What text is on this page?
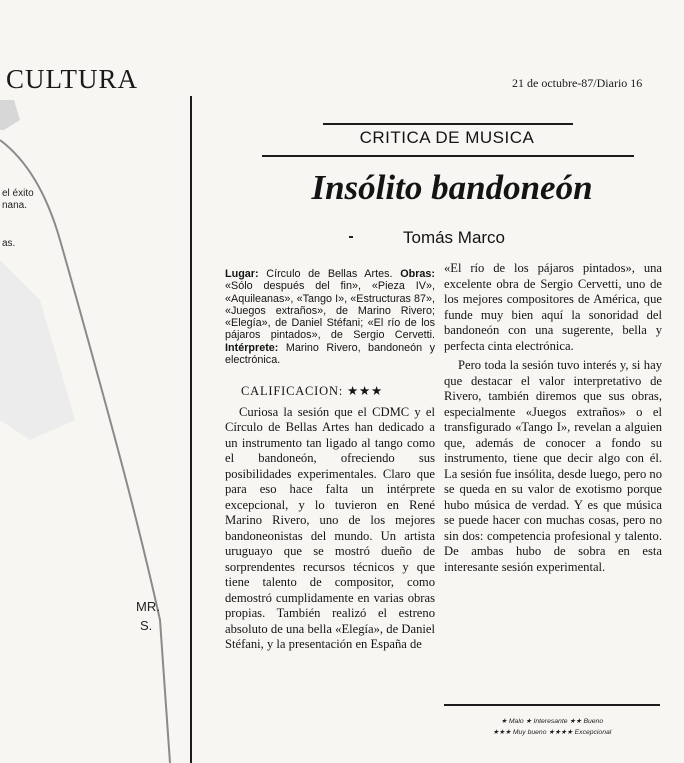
CULTURA
el éxito
nana.
as.
MR.
S.
21 de octubre-87/Diario 16
CRITICA DE MUSICA
Insólito bandoneón
Tomás Marco
Lugar: Círculo de Bellas Artes. Obras: «Sólo después del fin», «Pieza IV», «Aquileanas», «Tango I», «Estructuras 87», «Juegos extraños», de Marino Rivero; «Elegía», de Daniel Stéfani; «El río de los pájaros pintados», de Sergio Cervetti. Intérprete: Marino Rivero, bandoneón y electrónica.
CALIFICACION: ★★★

Curiosa la sesión que el CDMC y el Círculo de Bellas Artes han dedicado a un instrumento tan ligado al tango como el bandoneón, ofreciendo sus posibilidades experimentales. Claro que para eso hace falta un intérprete excepcional, y lo tuvieron en René Marino Rivero, uno de los mejores bandoneonistas del mundo. Un artista uruguayo que se mostró dueño de sorprendentes recursos técnicos y que tiene talento de compositor, como demostró cumplidamente en varias obras propias. También realizó el estreno absoluto de una bella «Elegía», de Daniel Stéfani, y la presentación en España de

«El río de los pájaros pintados», una excelente obra de Sergio Cervetti, uno de los mejores compositores de América, que funde muy bien aquí la sonoridad del bandoneón con una sugerente, bella y perfecta cinta electrónica.

Pero toda la sesión tuvo interés y, si hay que destacar el valor interpretativo de Rivero, también diremos que sus obras, especialmente «Juegos extraños» o el transfigurado «Tango I», revelan a alguien que, además de conocer a fondo su instrumento, tiene que decir algo con él. La sesión fue insólita, desde luego, pero no se queda en su valor de exotismo porque hubo música de verdad. Y es que música se puede hacer con muchas cosas, pero no sin dos: competencia profesional y talento. De ambas hubo de sobra en esta interesante sesión experimental.

★ Malo ★ Interesante ★★ Bueno
★★★ Muy bueno ★★★★ Excepcional
